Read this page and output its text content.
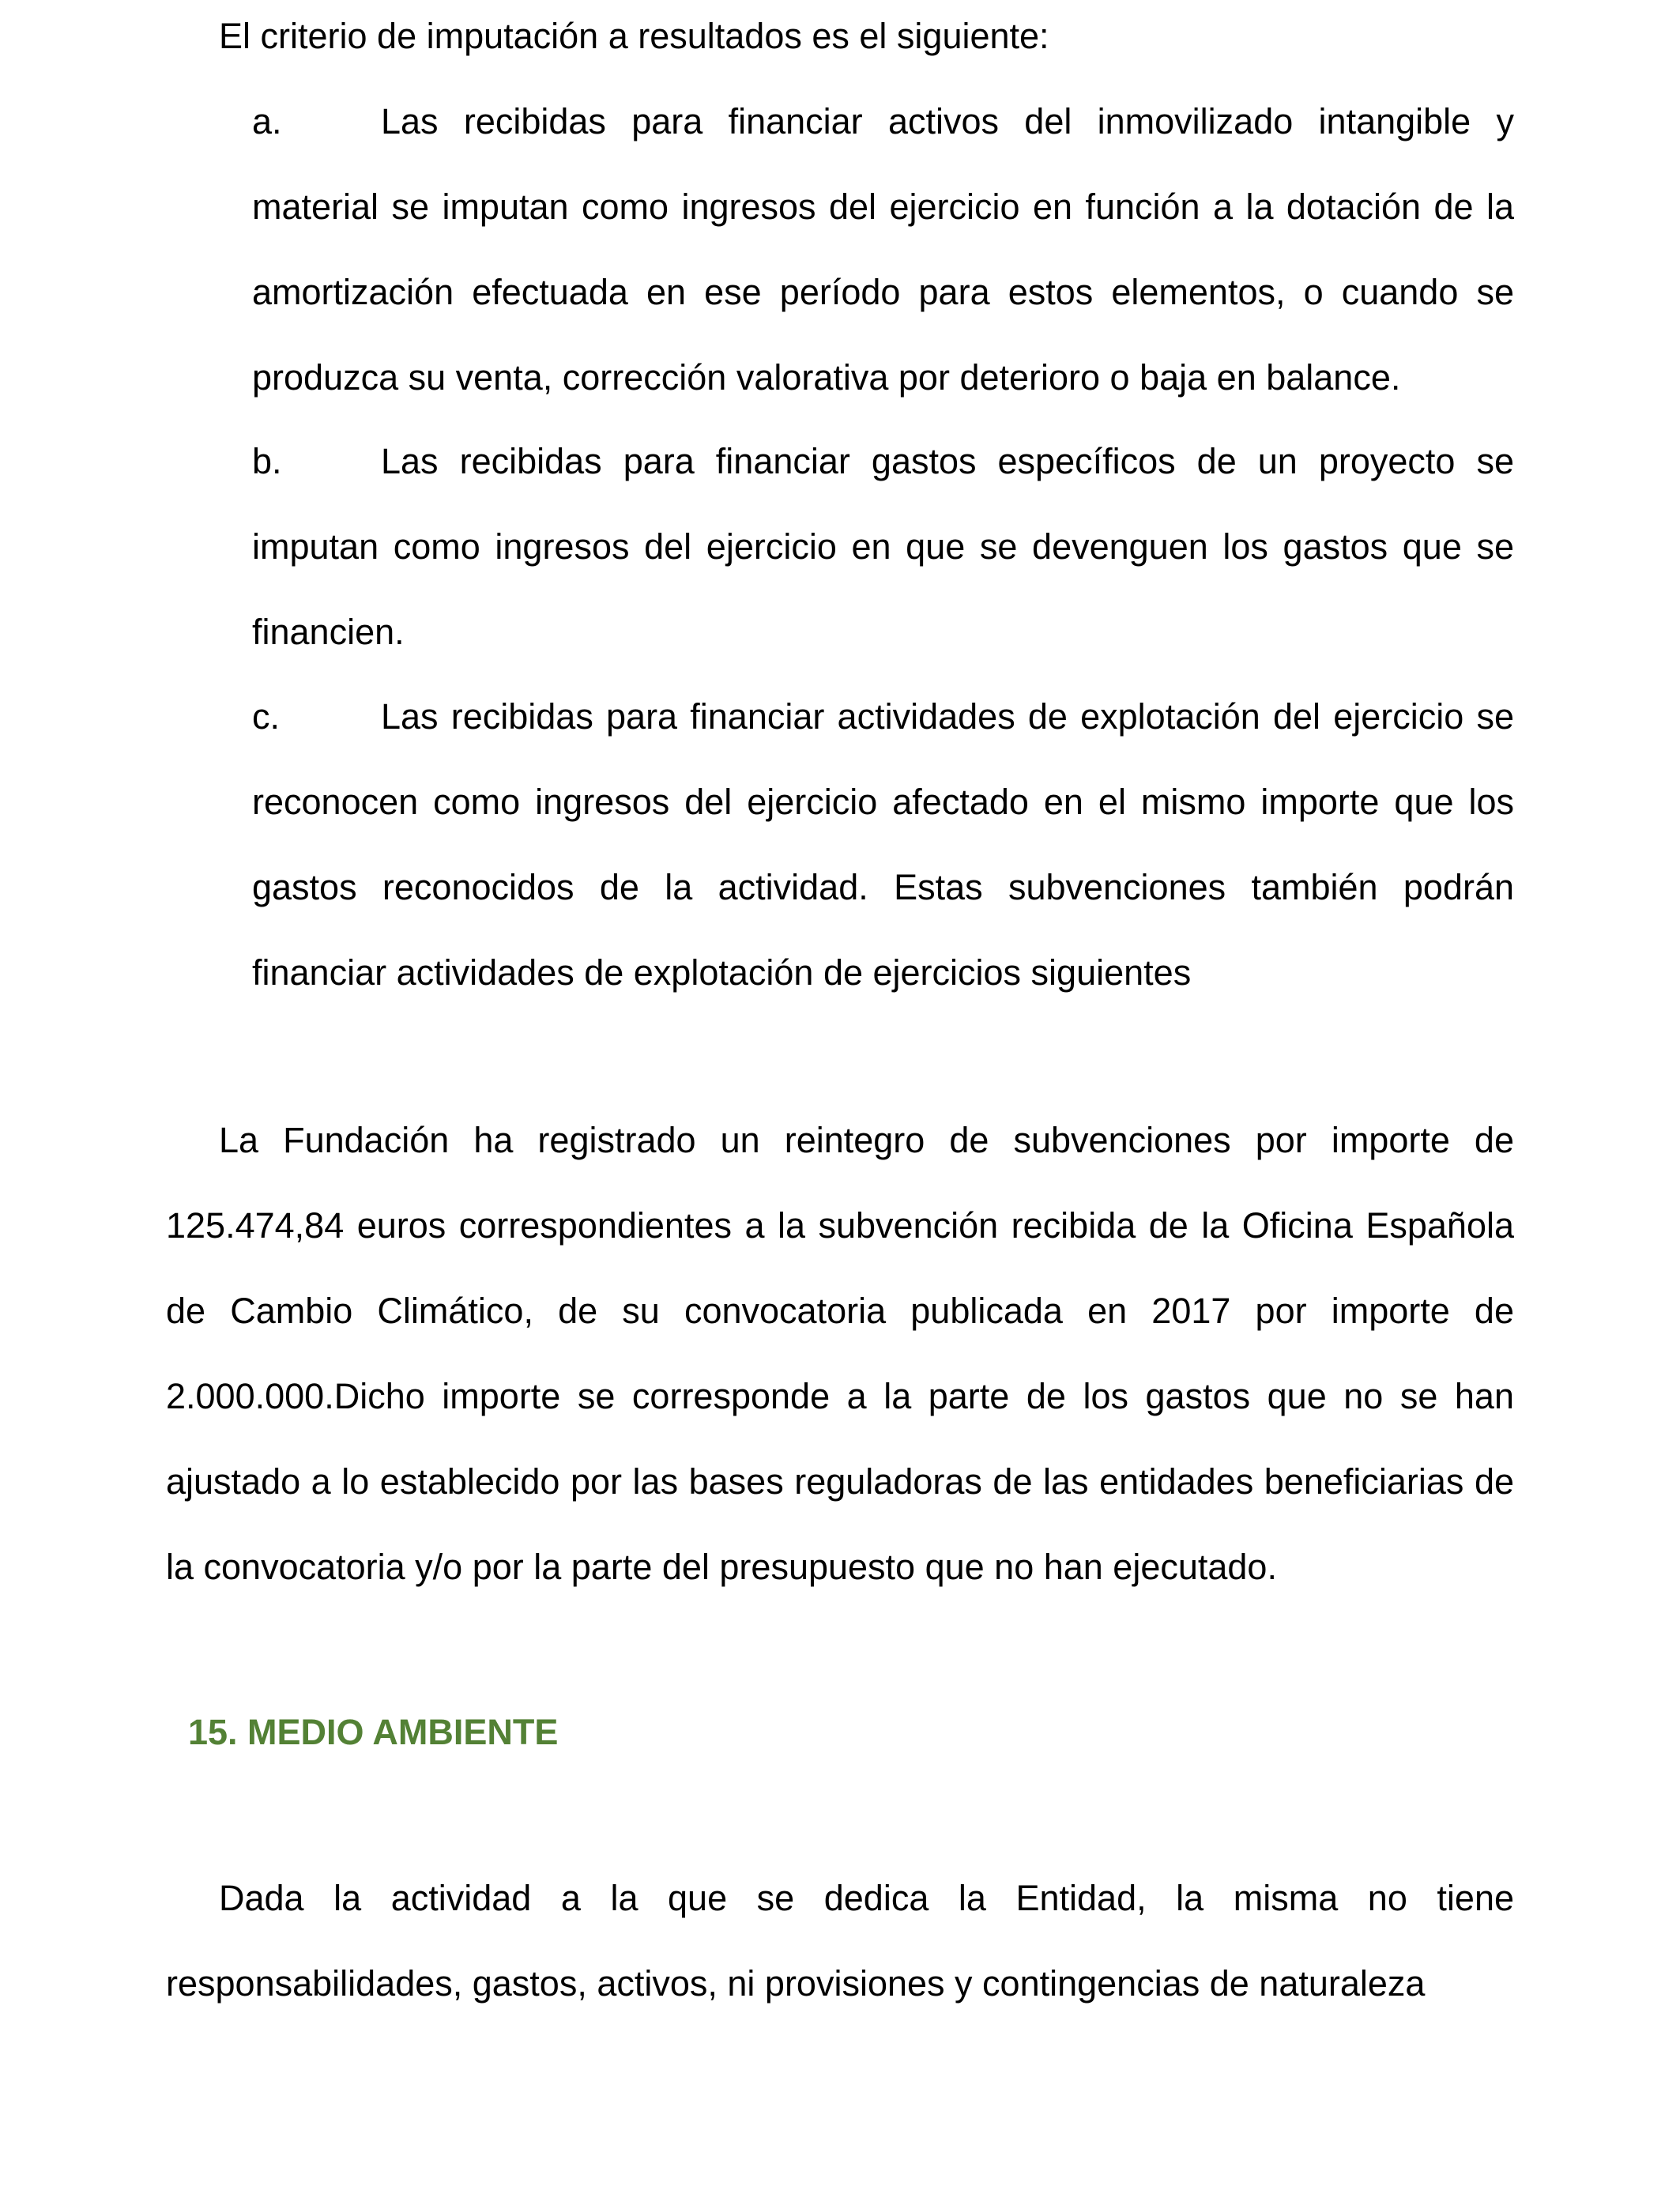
El criterio de imputación a resultados es el siguiente:

a.	Las recibidas para financiar activos del inmovilizado intangible y material se imputan como ingresos del ejercicio en función a la dotación de la amortización efectuada en ese período para estos elementos, o cuando se produzca su venta, corrección valorativa por deterioro o baja en balance.

b.	Las recibidas para financiar gastos específicos de un proyecto se imputan como ingresos del ejercicio en que se devenguen los gastos que se financien.

c.	Las recibidas para financiar actividades de explotación del ejercicio se reconocen como ingresos del ejercicio afectado en el mismo importe que los gastos reconocidos de la actividad. Estas subvenciones también podrán financiar actividades de explotación de ejercicios siguientes

La Fundación ha registrado un reintegro de subvenciones por importe de 125.474,84 euros correspondientes a la subvención recibida de la Oficina Española de Cambio Climático, de su convocatoria publicada en 2017 por importe de 2.000.000.Dicho importe se corresponde a la parte de los gastos que no se han ajustado a lo establecido por las bases reguladoras de las entidades beneficiarias de la convocatoria y/o por la parte del presupuesto que no han ejecutado.

15. MEDIO AMBIENTE

Dada la actividad a la que se dedica la Entidad, la misma no tiene responsabilidades, gastos, activos, ni provisiones y contingencias de naturaleza
